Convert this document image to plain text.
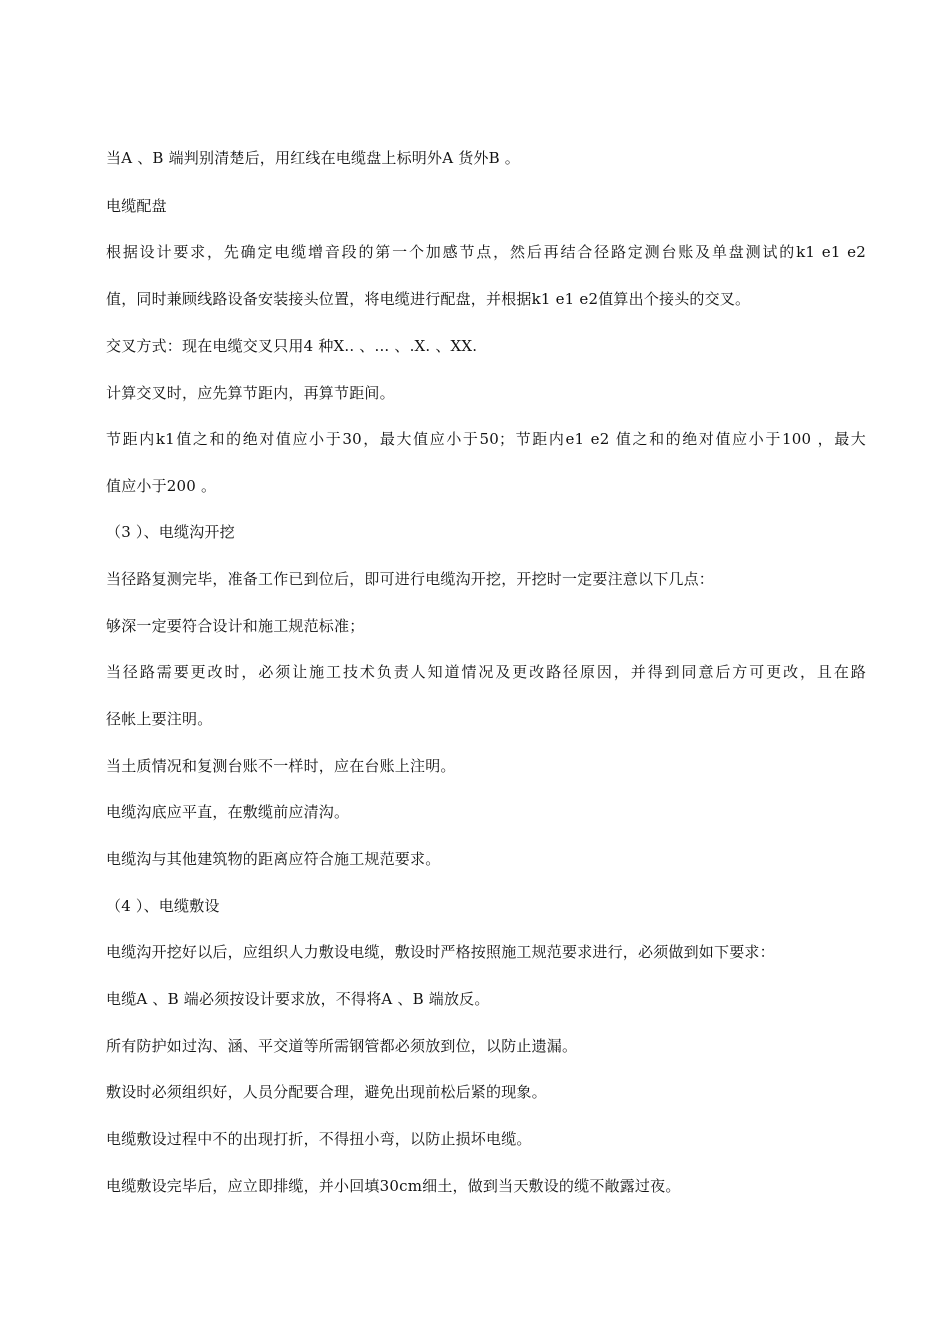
当A 、B 端判别清楚后，用红线在电缆盘上标明外A 货外B 。
电缆配盘
根据设计要求，先确定电缆增音段的第一个加感节点，然后再结合径路定测台账及单盘测试的k1 e1 e2
值，同时兼顾线路设备安装接头位置，将电缆进行配盘，并根据k1 e1 e2值算出个接头的交叉。
交叉方式：现在电缆交叉只用4 种X.. 、... 、.X. 、XX.
计算交叉时，应先算节距内，再算节距间。
节距内k1值之和的绝对值应小于30，最大值应小于50；节距内e1 e2 值之和的绝对值应小于100 ，最大
值应小于200 。
（3 ）、电缆沟开挖
当径路复测完毕，准备工作已到位后，即可进行电缆沟开挖，开挖时一定要注意以下几点：
够深一定要符合设计和施工规范标准；
当径路需要更改时，必须让施工技术负责人知道情况及更改路径原因，并得到同意后方可更改，且在路
径帐上要注明。
当土质情况和复测台账不一样时，应在台账上注明。
电缆沟底应平直，在敷缆前应清沟。
电缆沟与其他建筑物的距离应符合施工规范要求。
（4 ）、电缆敷设
电缆沟开挖好以后，应组织人力敷设电缆，敷设时严格按照施工规范要求进行，必须做到如下要求：
电缆A 、B 端必须按设计要求放，不得将A 、B 端放反。
所有防护如过沟、涵、平交道等所需钢管都必须放到位，以防止遗漏。
敷设时必须组织好，人员分配要合理，避免出现前松后紧的现象。
电缆敷设过程中不的出现打折，不得扭小弯，以防止损坏电缆。
电缆敷设完毕后，应立即排缆，并小回填30cm细土，做到当天敷设的缆不敞露过夜。
